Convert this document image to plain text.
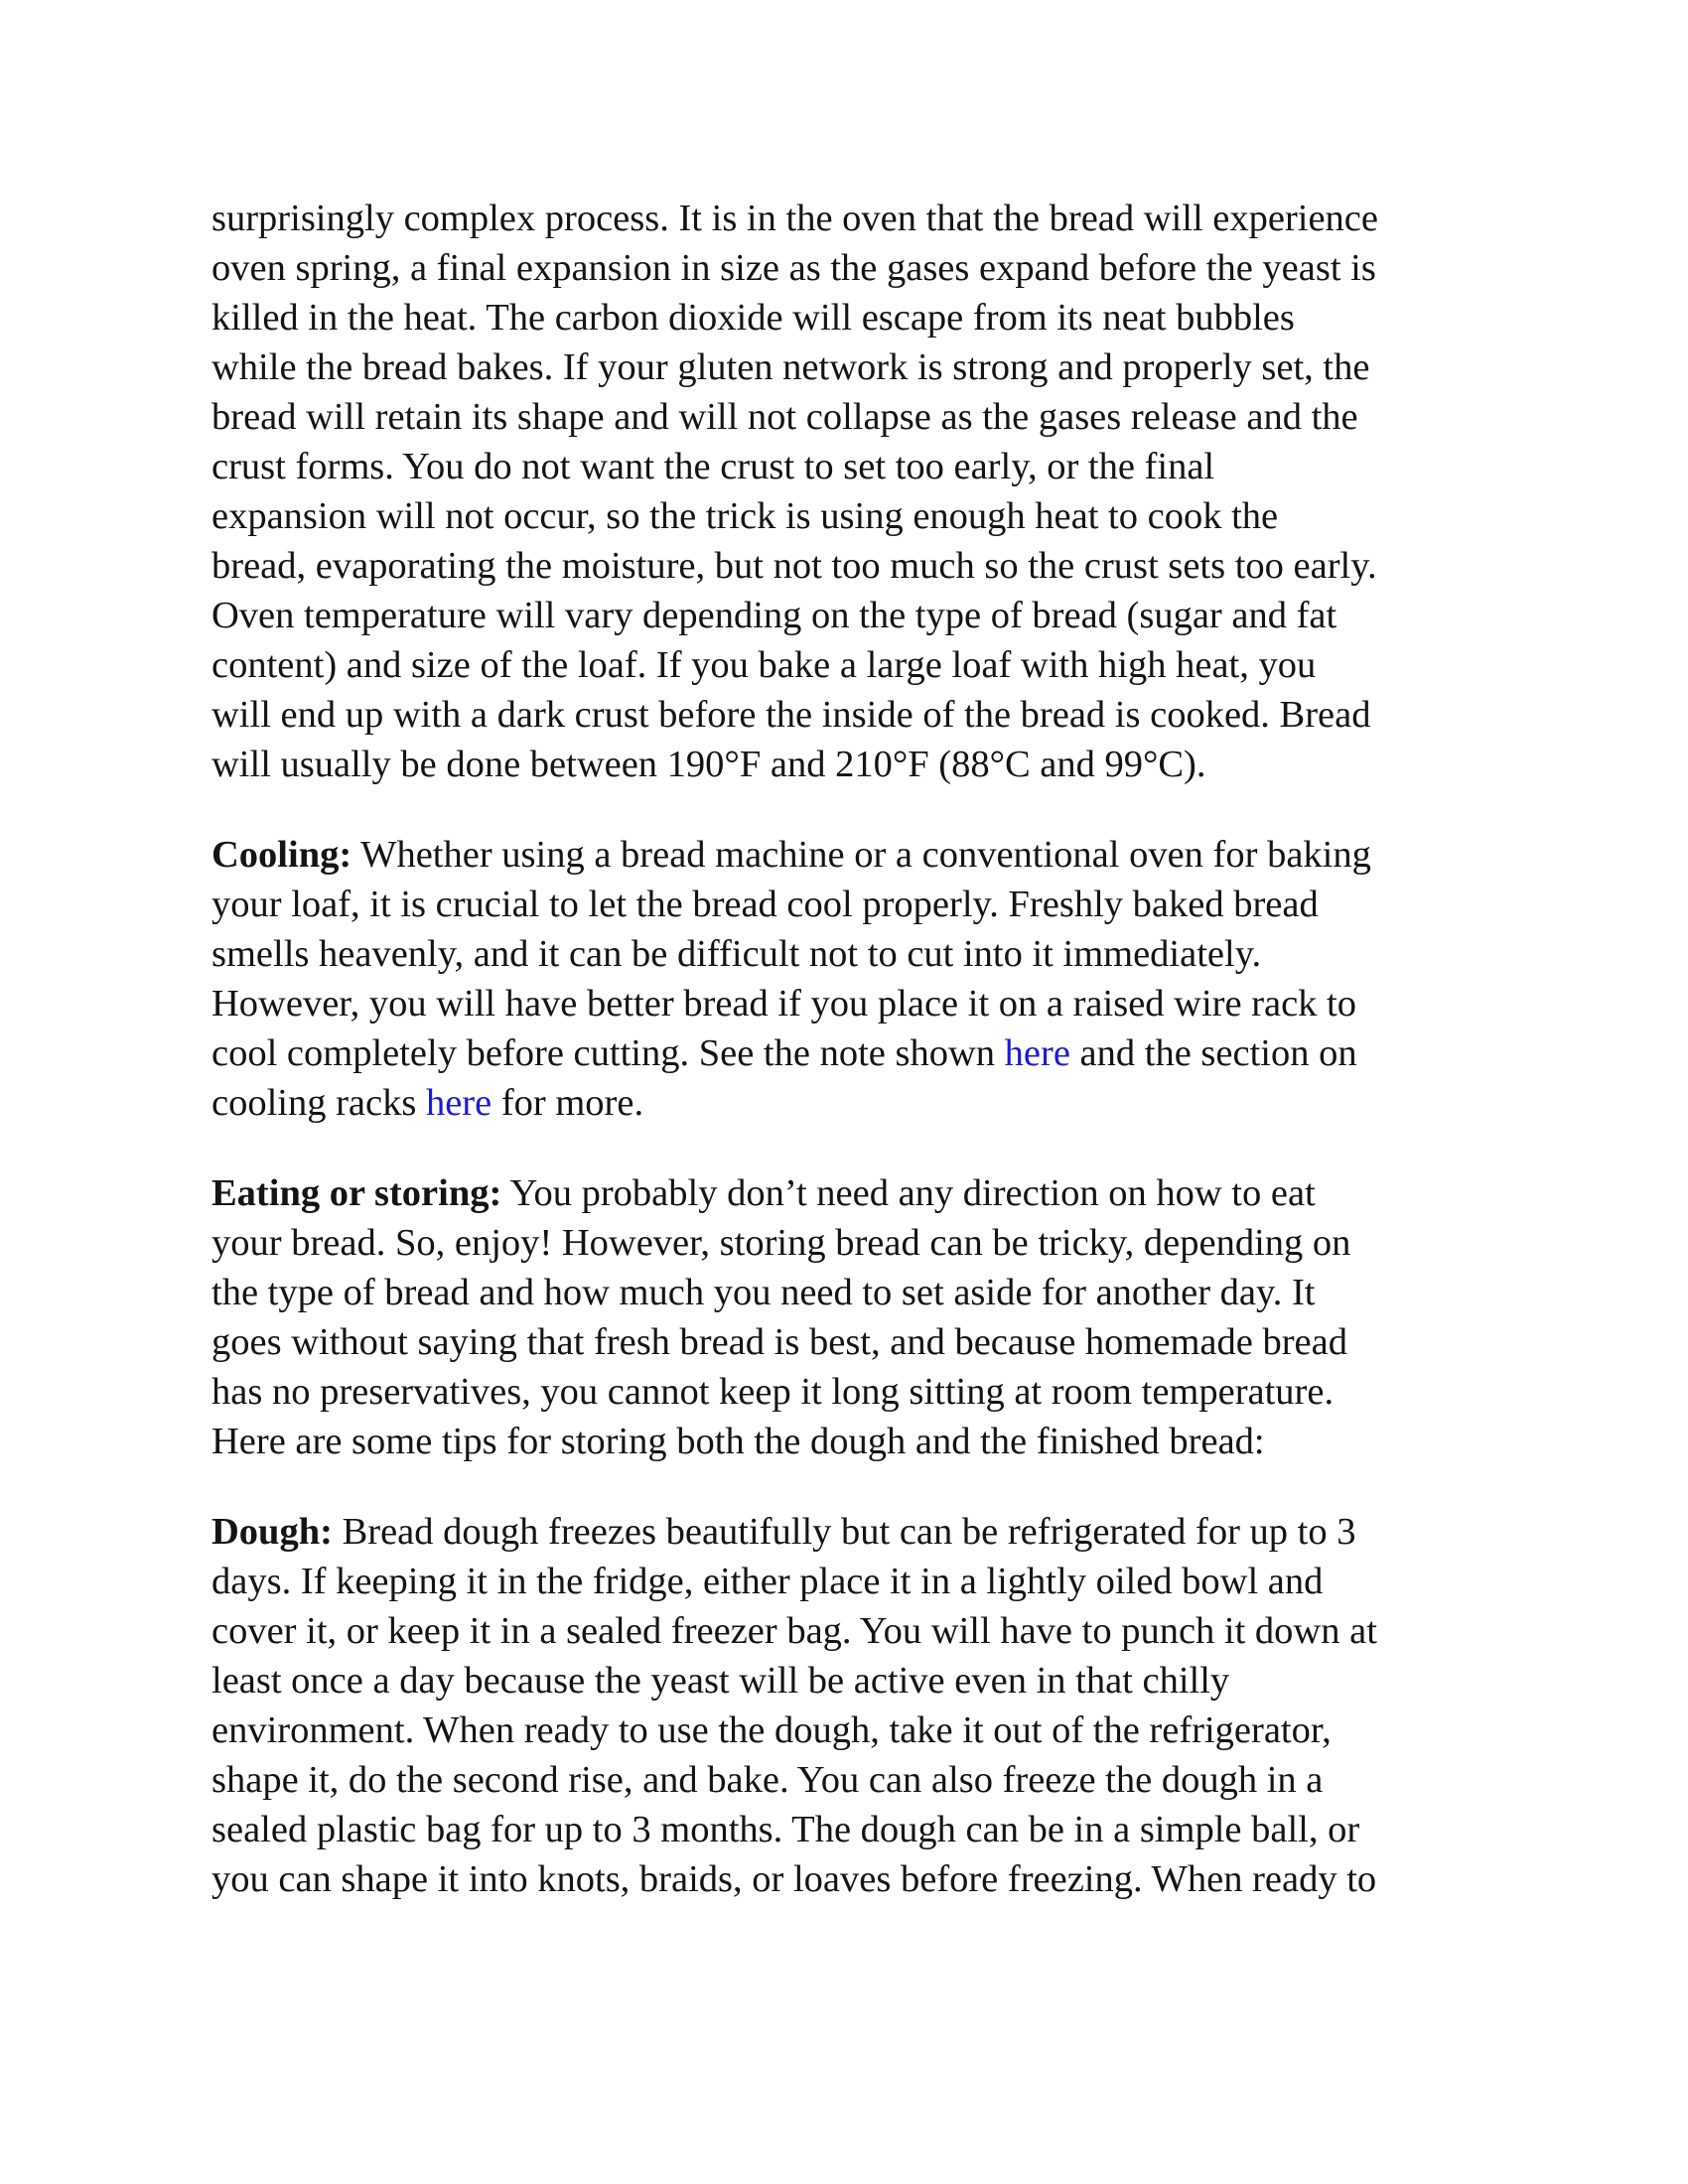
surprisingly complex process. It is in the oven that the bread will experience
oven spring, a final expansion in size as the gases expand before the yeast is
killed in the heat. The carbon dioxide will escape from its neat bubbles
while the bread bakes. If your gluten network is strong and properly set, the
bread will retain its shape and will not collapse as the gases release and the
crust forms. You do not want the crust to set too early, or the final
expansion will not occur, so the trick is using enough heat to cook the
bread, evaporating the moisture, but not too much so the crust sets too early.
Oven temperature will vary depending on the type of bread (sugar and fat
content) and size of the loaf. If you bake a large loaf with high heat, you
will end up with a dark crust before the inside of the bread is cooked. Bread
will usually be done between 190°F and 210°F (88°C and 99°C).

Cooling: Whether using a bread machine or a conventional oven for baking
your loaf, it is crucial to let the bread cool properly. Freshly baked bread
smells heavenly, and it can be difficult not to cut into it immediately.
However, you will have better bread if you place it on a raised wire rack to
cool completely before cutting. See the note shown here and the section on
cooling racks here for more.

Eating or storing: You probably don’t need any direction on how to eat
your bread. So, enjoy! However, storing bread can be tricky, depending on
the type of bread and how much you need to set aside for another day. It
goes without saying that fresh bread is best, and because homemade bread
has no preservatives, you cannot keep it long sitting at room temperature.
Here are some tips for storing both the dough and the finished bread:

Dough: Bread dough freezes beautifully but can be refrigerated for up to 3
days. If keeping it in the fridge, either place it in a lightly oiled bowl and
cover it, or keep it in a sealed freezer bag. You will have to punch it down at
least once a day because the yeast will be active even in that chilly
environment. When ready to use the dough, take it out of the refrigerator,
shape it, do the second rise, and bake. You can also freeze the dough in a
sealed plastic bag for up to 3 months. The dough can be in a simple ball, or
you can shape it into knots, braids, or loaves before freezing. When ready to
